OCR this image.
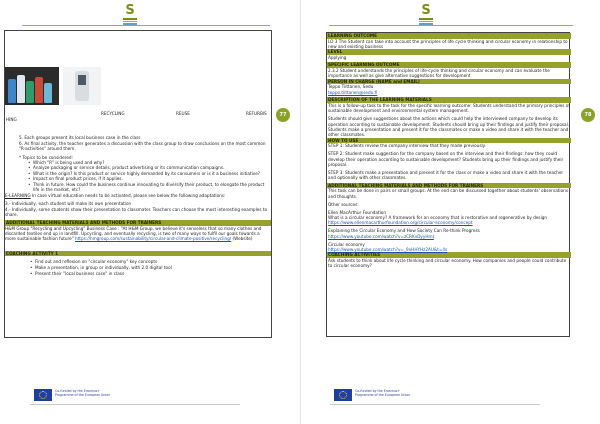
S
RECYCLING	REUSE	REFURBIS
HING

5. Each groups present its local business case in the class

6. As final activity, the teacher generates a discussion with the class group to draw conclusions on the most common "R-activities" around them.

* Topics to be considered:

• Which "R" is being used and why?

• Analyze packaging or service details, product advertising or its communication campaigns.

• What is the origin? Is this product or service highly demanded by its consumers or is it a business initiative?

• Impact on final product prices, if it applies.

• Think in future. How could the business continue innovating to diversify their product, to elongate the product life in the market, etc?

E-LEARNING In case virtual education needs to be activated, please see below the following adaptations:
3.- Individually, each student will make its own presentation
4.- Individually, some students show their presentation to classmater. Teachers can choose the most interesting examples to share.
ADDITIONAL TEACHING MATERIALS AND METHODS FOR TRAINERS
H&M Group "Recycling and Upcycling" Business Case : "At H&M Group, we believe it's senseless that so many clothes and discarded textiles end up in landfill. Upcycling, and eventually recycling, is two of many ways to fulfil our goals towards a more sustainable fashion future" https://hmgroup.com/sustainability/circular-and-climate-positive/recycling/ (Website)
COACHING ACTIVITY 1

• Find out and reflexion on "circular economy" key concepts

• Make a presentation, in group or individually, with 2.0 digital tool

• Present their "local business case" in class

77
Co-funded by the Erasmus+ Programme of the European Union
S
LEARNING OUTCOME
LO 3 The Student can take into account the principles of life cycle thinking and circular economy in relationship to new and existing business
LEVEL
Applying
SPECIFIC LEARNING OUTCOME
2.3.2 Student understands the principles of life-cycle thinking and circular economy and can evaluate the importance as well as give alternative suggestions for development
PERSON IN CHARGE (NAME and EMAIL)
Teppo Tiittanen, Sedu
teppo.tiittanen@sedu.fi
DESCRIPTION OF THE LEARNING MATERIALS
This is a follow-up task to the task for the specific learning outcome: Students understand the primary principles of sustainable development and environmental system management.
Students should give suggestions about the actions which could help the interviewed company to develop its operation according to sustainable development. Students should bring up their findings and justify their proposal. Students make a presentation and present it for the classmates or make a video and share it with the teacher and other classmates.
HOW TO USE
STEP 1: Students review the company interview that they made previously.
STEP 2: Student make suggestion for the company based on the interview and their findings: how they could develop their operation according to sustainable development? Students bring up their findings and justify their proposal.
STEP 3: Students make a presentation and present it for the class or make a video and share it with the teacher and optionally with other classmates.
ADDITIONAL TEACHING MATERIALS AND METHODS FOR TRAINERS
This task can be done in pairs or small groups. At the end can be discussed together about students' observations and thoughts.
Other sources:
Ellen MacArthur Foundation
What is a circular economy? A framework for an economy that is restorative and regenerative by design
https://www.ellenmacarthurfoundation.org/circular-economy/concept
Explaining the Circular Economy and How Society Can Re-think Progress
https://www.youtube.com/watch?v=zCRKvDyyHmI
Circular economy
https://www.youtube.com/watch?v=_9vHHYHz2AU&t=4s
COACHING ACTIVITIES
Ask students to think about life cycle thinking and circular economy. How companies and people could contribute to circular economy?
78
Co-funded by the Erasmus+ Programme of the European Union
